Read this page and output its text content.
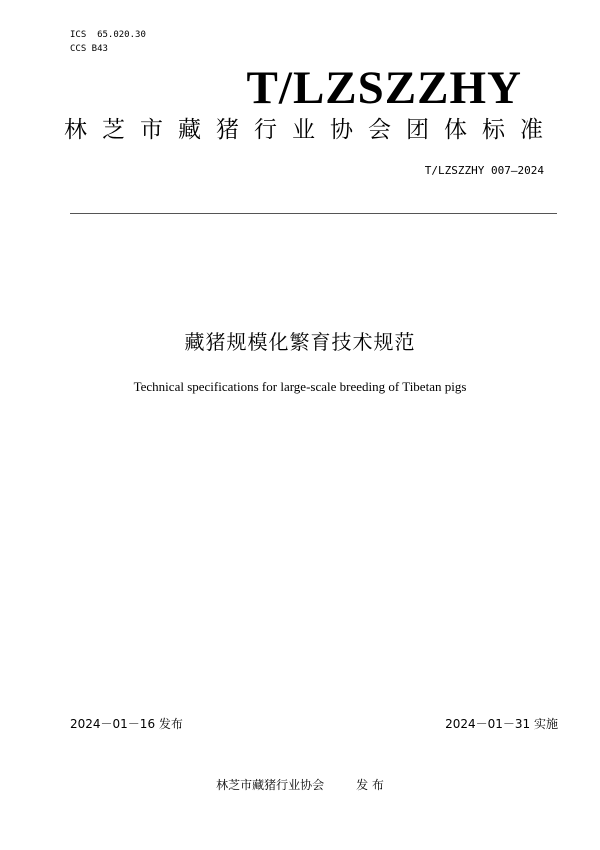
ICS  65.020.30
CCS B43
T/LZSZZHY
林芝市藏猪行业协会团体标准
T/LZSZZHY 007—2024
藏猪规模化繁育技术规范
Technical specifications for large-scale breeding of Tibetan pigs
2024－01－16 发布	2024－01－31 实施
林芝市藏猪行业协会	发 布
